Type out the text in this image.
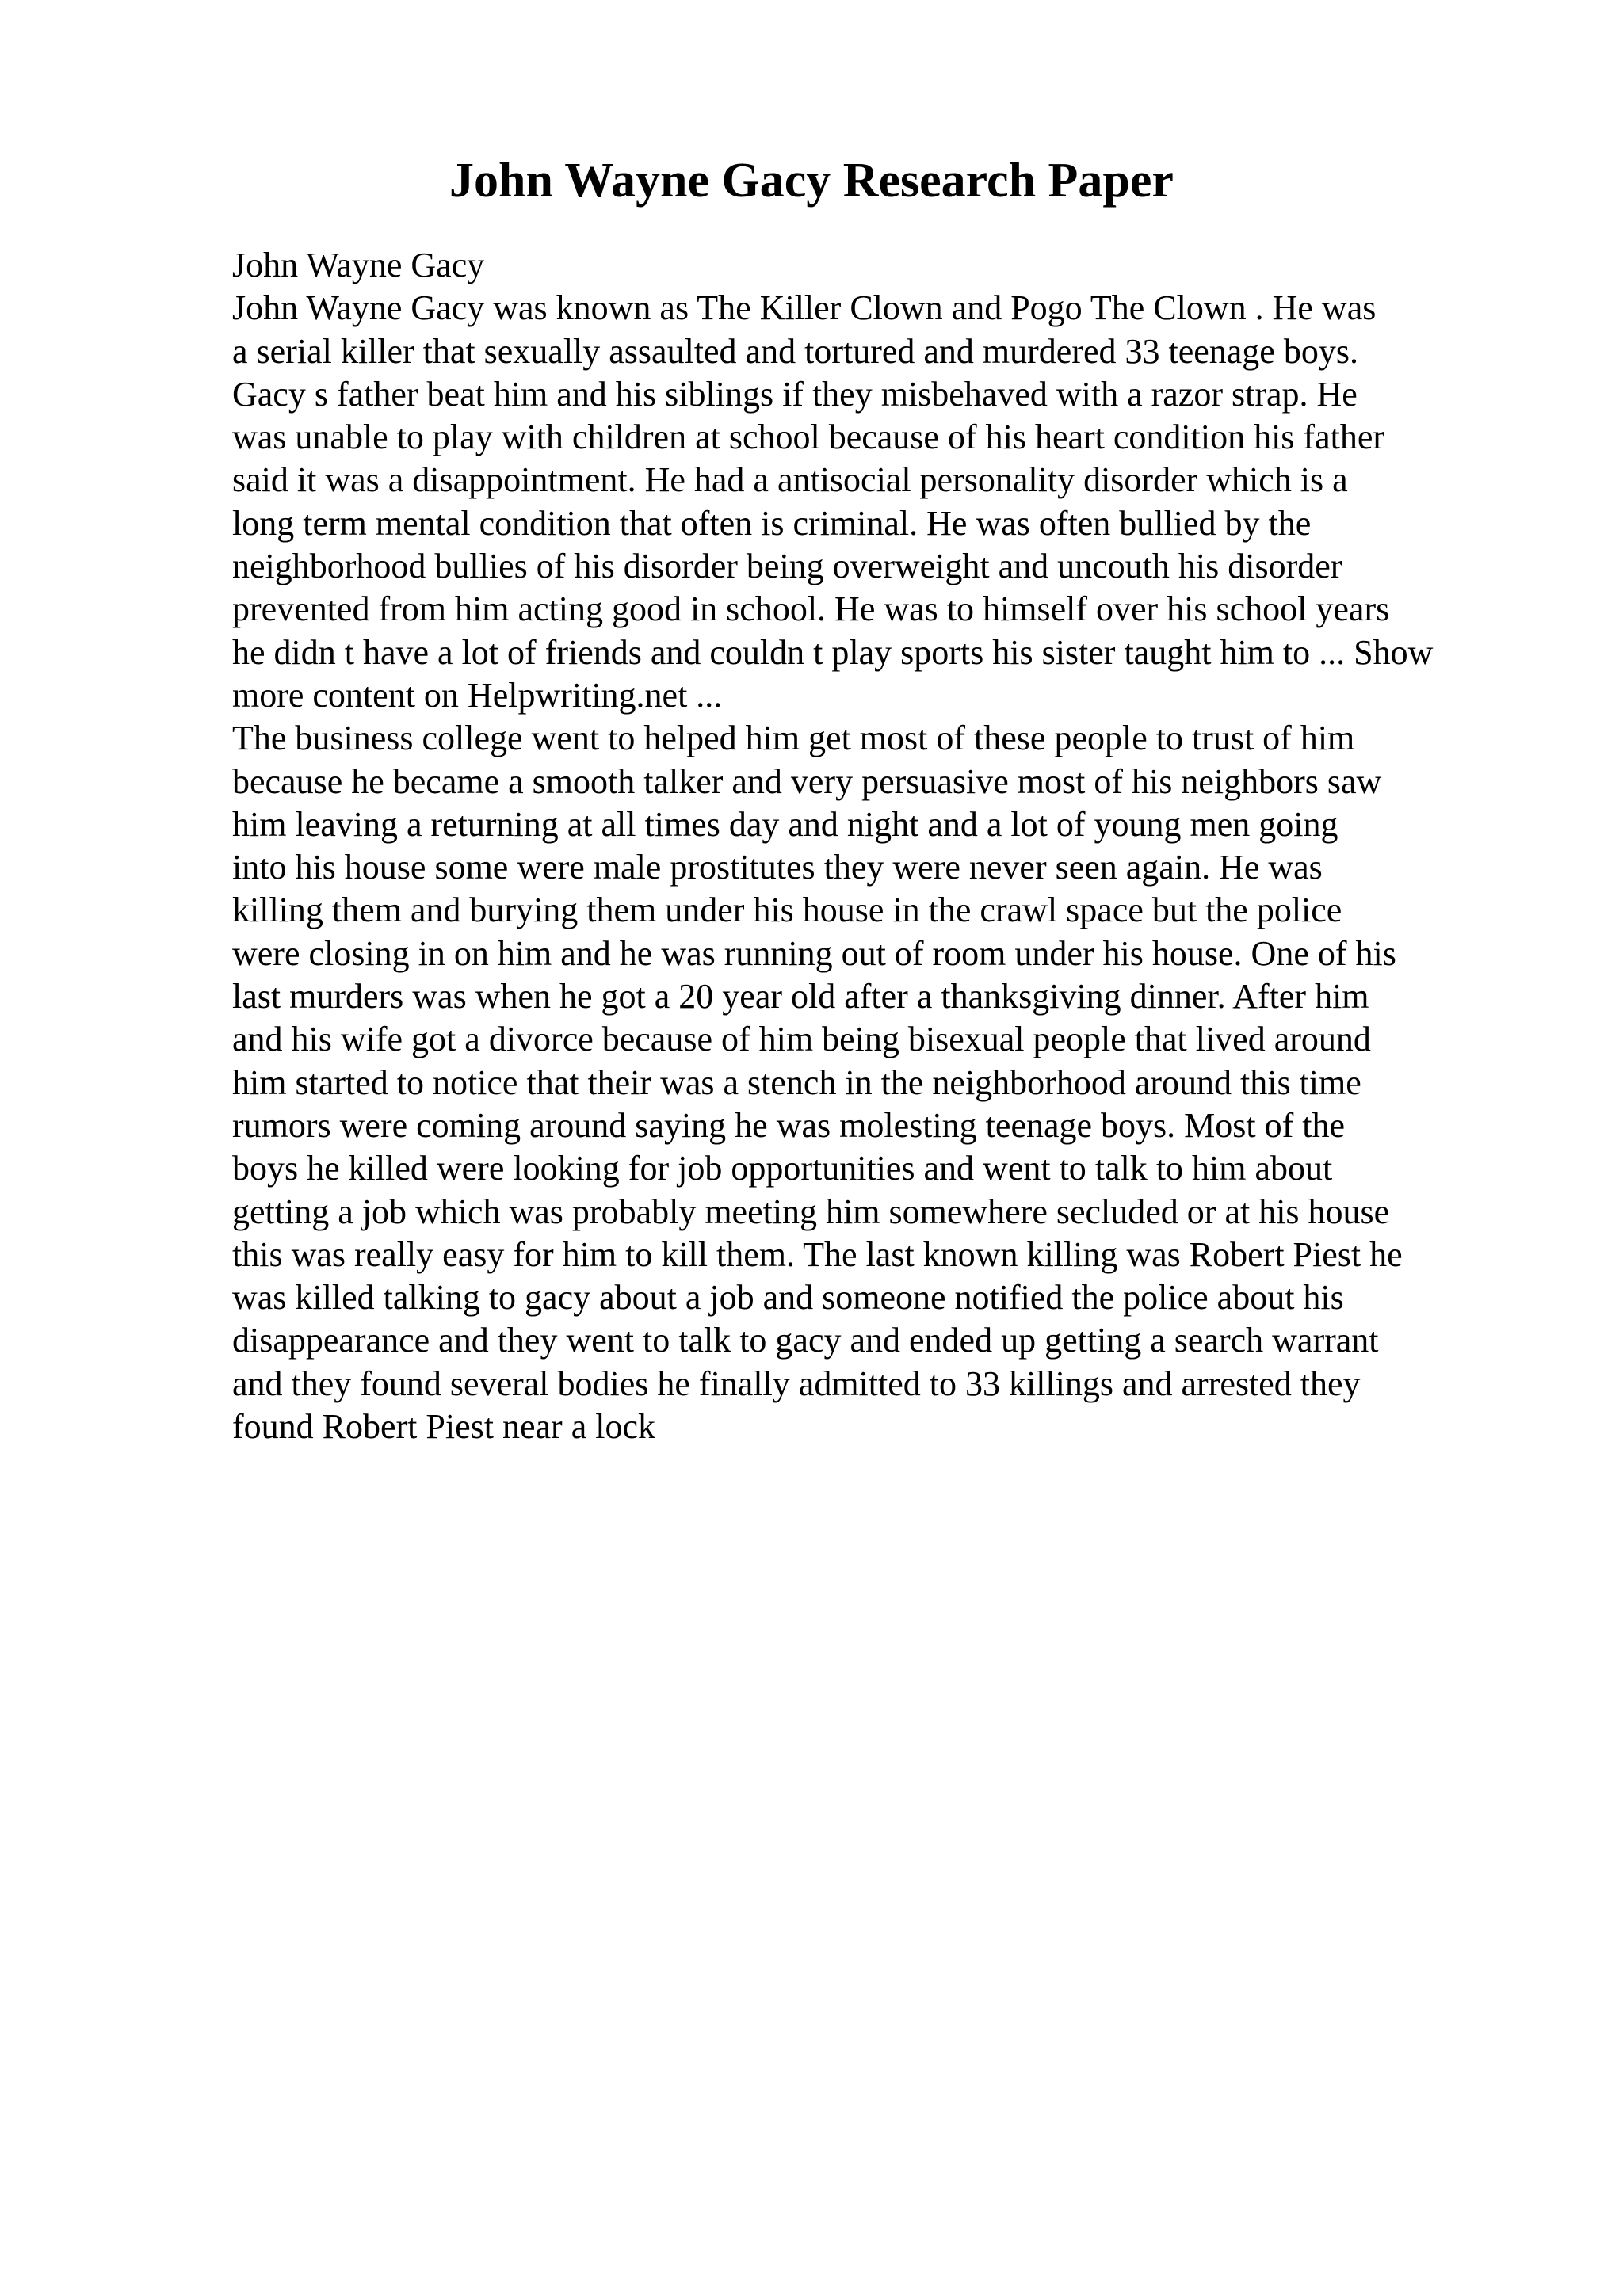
John Wayne Gacy Research Paper
John Wayne Gacy
John Wayne Gacy was known as The Killer Clown and Pogo The Clown . He was
a serial killer that sexually assaulted and tortured and murdered 33 teenage boys.
Gacy s father beat him and his siblings if they misbehaved with a razor strap. He
was unable to play with children at school because of his heart condition his father
said it was a disappointment. He had a antisocial personality disorder which is a
long term mental condition that often is criminal. He was often bullied by the
neighborhood bullies of his disorder being overweight and uncouth his disorder
prevented from him acting good in school. He was to himself over his school years
he didn t have a lot of friends and couldn t play sports his sister taught him to ... Show
more content on Helpwriting.net ...
The business college went to helped him get most of these people to trust of him
because he became a smooth talker and very persuasive most of his neighbors saw
him leaving a returning at all times day and night and a lot of young men going
into his house some were male prostitutes they were never seen again. He was
killing them and burying them under his house in the crawl space but the police
were closing in on him and he was running out of room under his house. One of his
last murders was when he got a 20 year old after a thanksgiving dinner. After him
and his wife got a divorce because of him being bisexual people that lived around
him started to notice that their was a stench in the neighborhood around this time
rumors were coming around saying he was molesting teenage boys. Most of the
boys he killed were looking for job opportunities and went to talk to him about
getting a job which was probably meeting him somewhere secluded or at his house
this was really easy for him to kill them. The last known killing was Robert Piest he
was killed talking to gacy about a job and someone notified the police about his
disappearance and they went to talk to gacy and ended up getting a search warrant
and they found several bodies he finally admitted to 33 killings and arrested they
found Robert Piest near a lock
